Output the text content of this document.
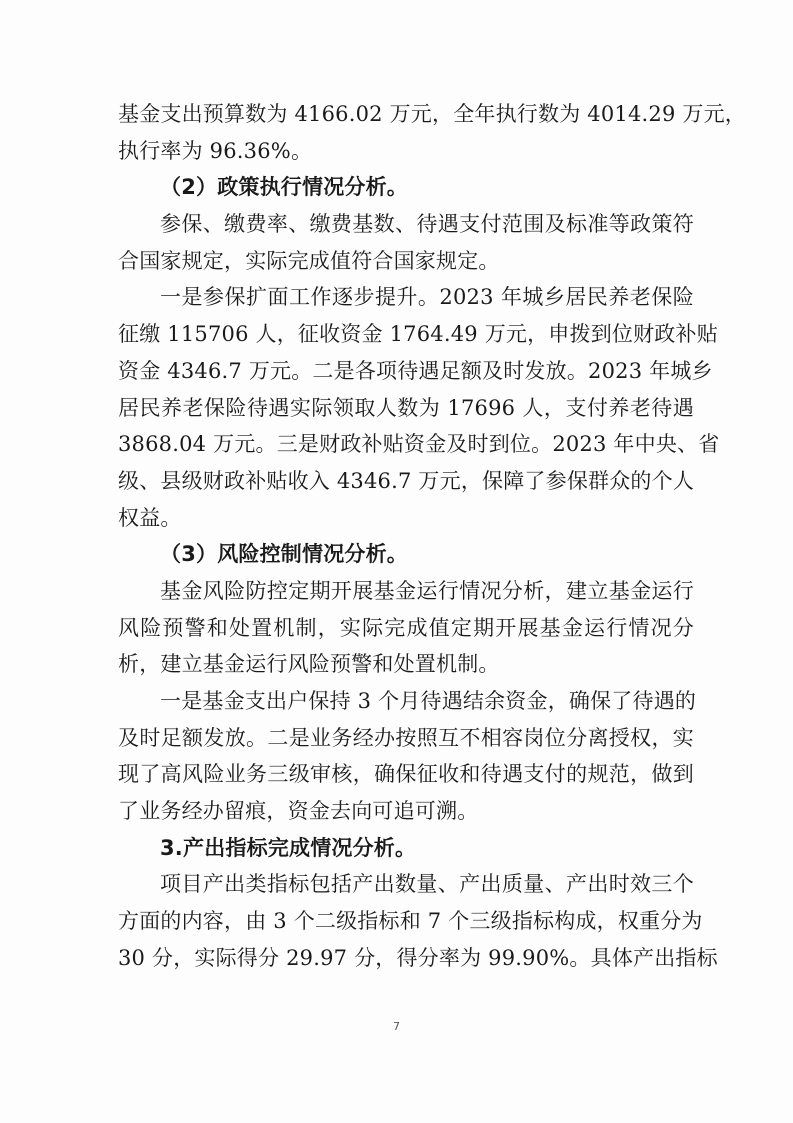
基金支出预算数为 4166.02 万元，全年执行数为 4014.29 万元，
执行率为 96.36%。
（2）政策执行情况分析。
参保、缴费率、缴费基数、待遇支付范围及标准等政策符
合国家规定，实际完成值符合国家规定。
一是参保扩面工作逐步提升。2023 年城乡居民养老保险
征缴 115706 人，征收资金 1764.49 万元，申拨到位财政补贴
资金 4346.7 万元。二是各项待遇足额及时发放。2023 年城乡
居民养老保险待遇实际领取人数为 17696 人，支付养老待遇
3868.04 万元。三是财政补贴资金及时到位。2023 年中央、省
级、县级财政补贴收入 4346.7 万元，保障了参保群众的个人
权益。
（3）风险控制情况分析。
基金风险防控定期开展基金运行情况分析，建立基金运行
风险预警和处置机制，实际完成值定期开展基金运行情况分
析，建立基金运行风险预警和处置机制。
一是基金支出户保持 3 个月待遇结余资金，确保了待遇的
及时足额发放。二是业务经办按照互不相容岗位分离授权，实
现了高风险业务三级审核，确保征收和待遇支付的规范，做到
了业务经办留痕，资金去向可追可溯。
3.产出指标完成情况分析。
项目产出类指标包括产出数量、产出质量、产出时效三个
方面的内容，由 3 个二级指标和 7 个三级指标构成，权重分为
30 分，实际得分 29.97 分，得分率为 99.90%。具体产出指标
7
